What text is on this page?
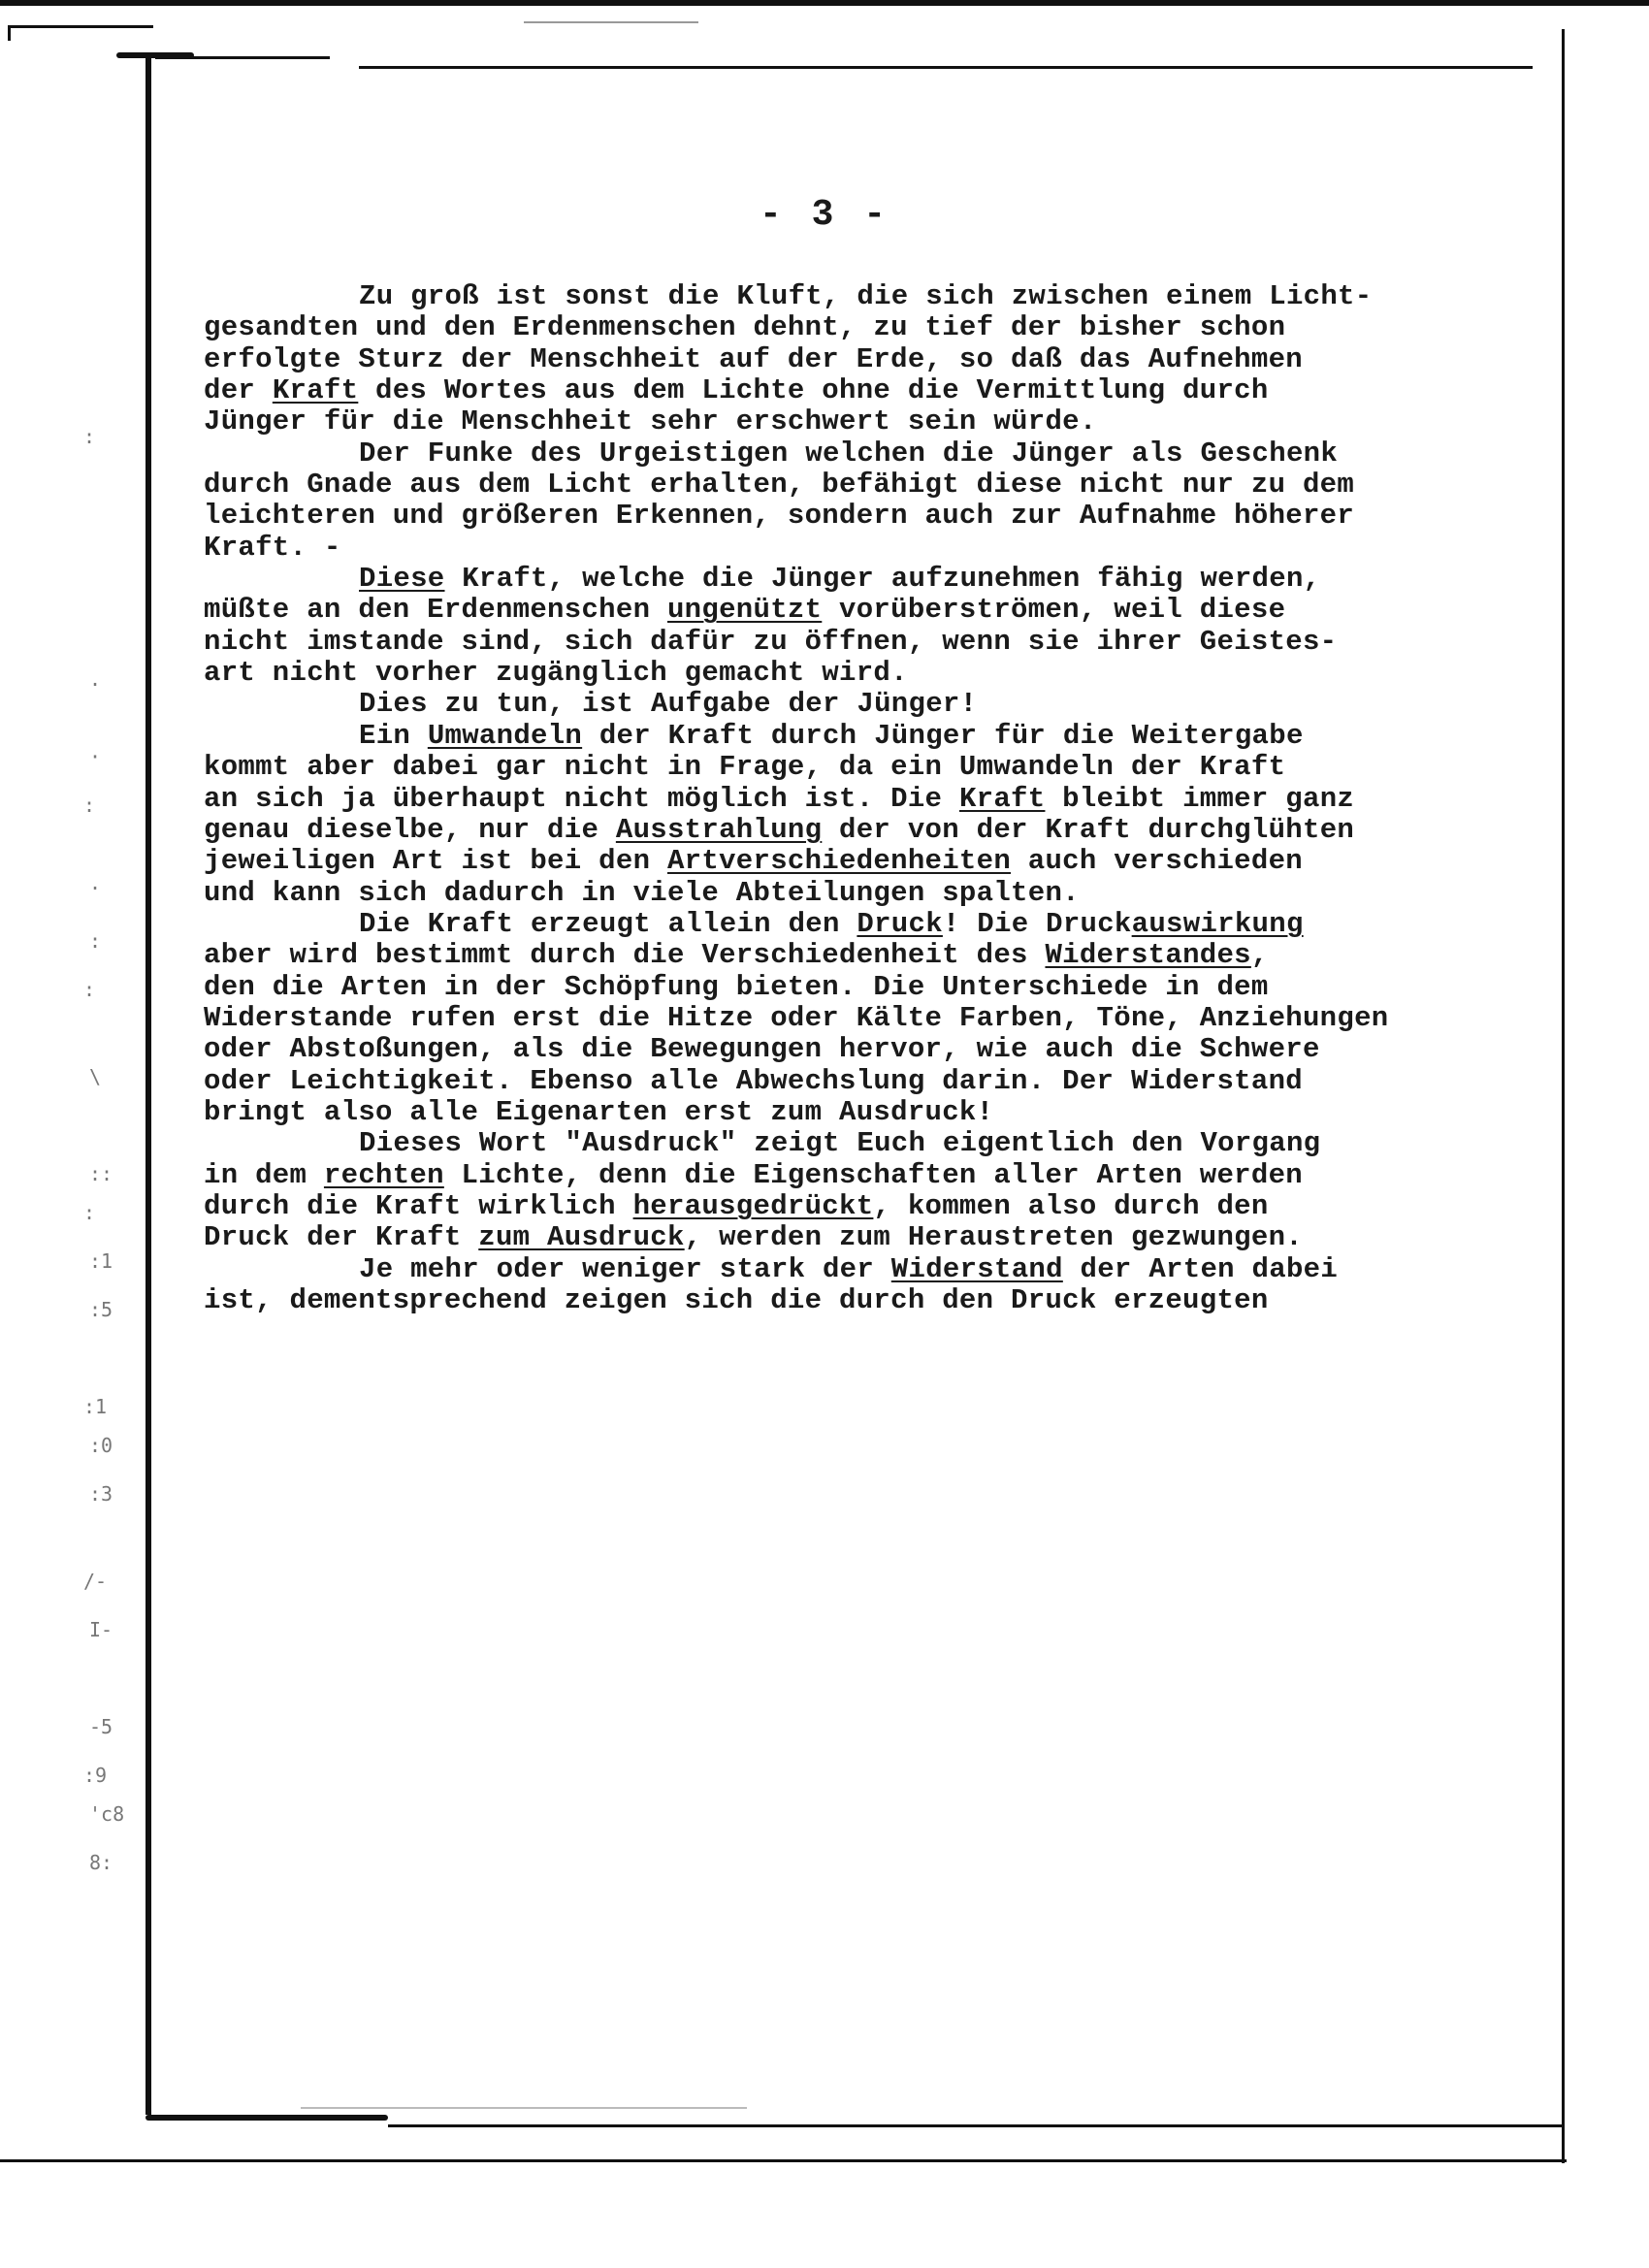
:
.
·
:
.
:
:
\
::
:
:1
:5
:1
:0
:3
/-
I-
-5
:9
'c8
8:
- 3 -
Zu groß ist sonst die Kluft, die sich zwischen einem Licht-
gesandten und den Erdenmenschen dehnt, zu tief der bisher schon
erfolgte Sturz der Menschheit auf der Erde, so daß das Aufnehmen
der Kraft des Wortes aus dem Lichte ohne die Vermittlung durch
Jünger für die Menschheit sehr erschwert sein würde.
Der Funke des Urgeistigen welchen die Jünger als Geschenk
durch Gnade aus dem Licht erhalten, befähigt diese nicht nur zu dem
leichteren und größeren Erkennen, sondern auch zur Aufnahme höherer
Kraft. -
Diese Kraft, welche die Jünger aufzunehmen fähig werden,
müßte an den Erdenmenschen ungenützt vorüberströmen, weil diese
nicht imstande sind, sich dafür zu öffnen, wenn sie ihrer Geistes-
art nicht vorher zugänglich gemacht wird.
Dies zu tun, ist Aufgabe der Jünger!
Ein Umwandeln der Kraft durch Jünger für die Weitergabe
kommt aber dabei gar nicht in Frage, da ein Umwandeln der Kraft
an sich ja überhaupt nicht möglich ist. Die Kraft bleibt immer ganz
genau dieselbe, nur die Ausstrahlung der von der Kraft durchglühten
jeweiligen Art ist bei den Artverschiedenheiten auch verschieden
und kann sich dadurch in viele Abteilungen spalten.
Die Kraft erzeugt allein den Druck! Die Druckauswirkung
aber wird bestimmt durch die Verschiedenheit des Widerstandes,
den die Arten in der Schöpfung bieten. Die Unterschiede in dem
Widerstande rufen erst die Hitze oder Kälte Farben, Töne, Anziehungen
oder Abstoßungen, als die Bewegungen hervor, wie auch die Schwere
oder Leichtigkeit. Ebenso alle Abwechslung darin. Der Widerstand
bringt also alle Eigenarten erst zum Ausdruck!
Dieses Wort "Ausdruck" zeigt Euch eigentlich den Vorgang
in dem rechten Lichte, denn die Eigenschaften aller Arten werden
durch die Kraft wirklich herausgedrückt, kommen also durch den
Druck der Kraft zum Ausdruck, werden zum Heraustreten gezwungen.
Je mehr oder weniger stark der Widerstand der Arten dabei
ist, dementsprechend zeigen sich die durch den Druck erzeugten
